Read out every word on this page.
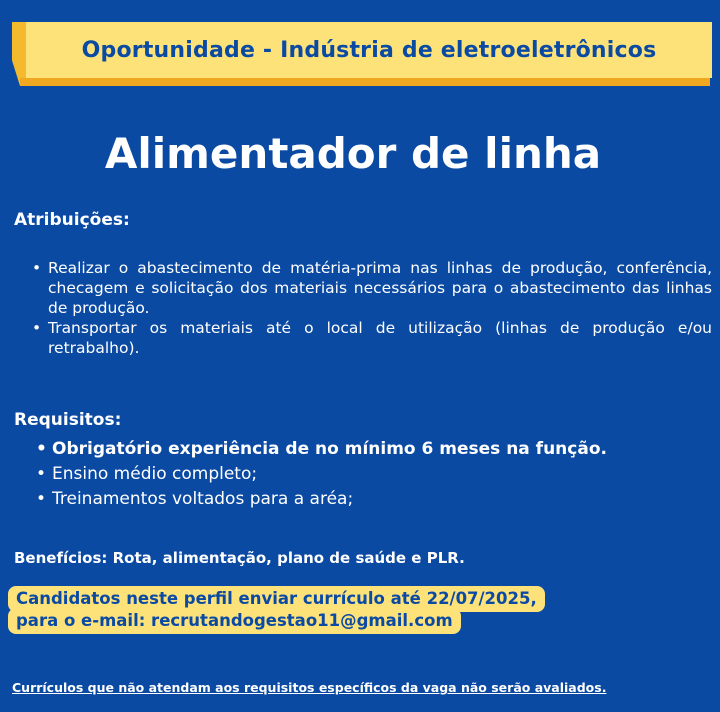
Oportunidade - Indústria de eletroeletrônicos
Alimentador de linha
Atribuições:
• Realizar o abastecimento de matéria-prima nas linhas de produção, conferência, checagem e solicitação dos materiais necessários para o abastecimento das linhas de produção.
• Transportar os materiais até o local de utilização (linhas de produção e/ou retrabalho).
Requisitos:
• Obrigatório experiência de no mínimo 6 meses na função.
• Ensino médio completo;
• Treinamentos voltados para a aréa;
Benefícios: Rota, alimentação, plano de saúde e PLR.
Candidatos neste perfil enviar currículo até 22/07/2025,
para o e-mail: recrutandogestao11@gmail.com
Currículos que não atendam aos requisitos específicos da vaga não serão avaliados.
